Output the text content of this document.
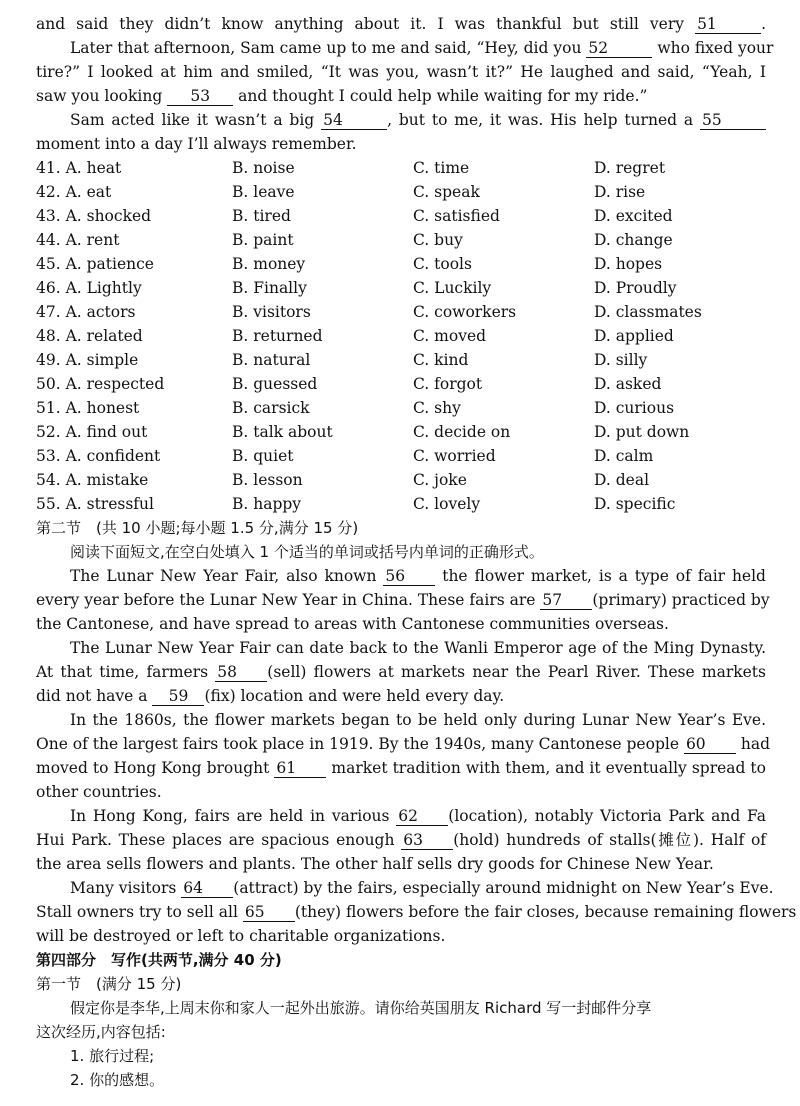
and said they didn’t know anything about it. I was thankful but still very 51	.
Later that afternoon, Sam came up to me and said, “Hey, did you 52	who fixed your
tire?” I looked at him and smiled, “It was you, wasn’t it?” He laughed and said, “Yeah, I
saw you looking 53 and thought I could help while waiting for my ride.”
Sam acted like it wasn’t a big 54	, but to me, it was. His help turned a 55
moment into a day I’ll always remember.
41. A. heat	B. noise	C. time	D. regret
42. A. eat	B. leave	C. speak	D. rise
43. A. shocked	B. tired	C. satisfied	D. excited
44. A. rent	B. paint	C. buy	D. change
45. A. patience	B. money	C. tools	D. hopes
46. A. Lightly	B. Finally	C. Luckily	D. Proudly
47. A. actors	B. visitors	C. coworkers	D. classmates
48. A. related	B. returned	C. moved	D. applied
49. A. simple	B. natural	C. kind	D. silly
50. A. respected	B. guessed	C. forgot	D. asked
51. A. honest	B. carsick	C. shy	D. curious
52. A. find out	B. talk about	C. decide on	D. put down
53. A. confident	B. quiet	C. worried	D. calm
54. A. mistake	B. lesson	C. joke	D. deal
55. A. stressful	B. happy	C. lovely	D. specific
第二节　(共 10 小题;每小题 1.5 分,满分 15 分)
阅读下面短文,在空白处填入 1 个适当的单词或括号内单词的正确形式。
The Lunar New Year Fair, also known 56 the flower market, is a type of fair held
every year before the Lunar New Year in China. These fairs are 57 (primary) practiced by
the Cantonese, and have spread to areas with Cantonese communities overseas.
The Lunar New Year Fair can date back to the Wanli Emperor age of the Ming Dynasty.
At that time, farmers 58 (sell) flowers at markets near the Pearl River. These markets
did not have a 59 (fix) location and were held every day.
In the 1860s, the flower markets began to be held only during Lunar New Year’s Eve.
One of the largest fairs took place in 1919. By the 1940s, many Cantonese people 60 had
moved to Hong Kong brought 61 market tradition with them, and it eventually spread to
other countries.
In Hong Kong, fairs are held in various 62 (location), notably Victoria Park and Fa
Hui Park. These places are spacious enough 63 (hold) hundreds of stalls(摊位). Half of
the area sells flowers and plants. The other half sells dry goods for Chinese New Year.
Many visitors 64 (attract) by the fairs, especially around midnight on New Year’s Eve.
Stall owners try to sell all 65 (they) flowers before the fair closes, because remaining flowers
will be destroyed or left to charitable organizations.
第四部分　写作(共两节,满分 40 分)
第一节　(满分 15 分)
假定你是李华,上周末你和家人一起外出旅游。请你给英国朋友 Richard 写一封邮件分享
这次经历,内容包括:
1. 旅行过程;
2. 你的感想。
